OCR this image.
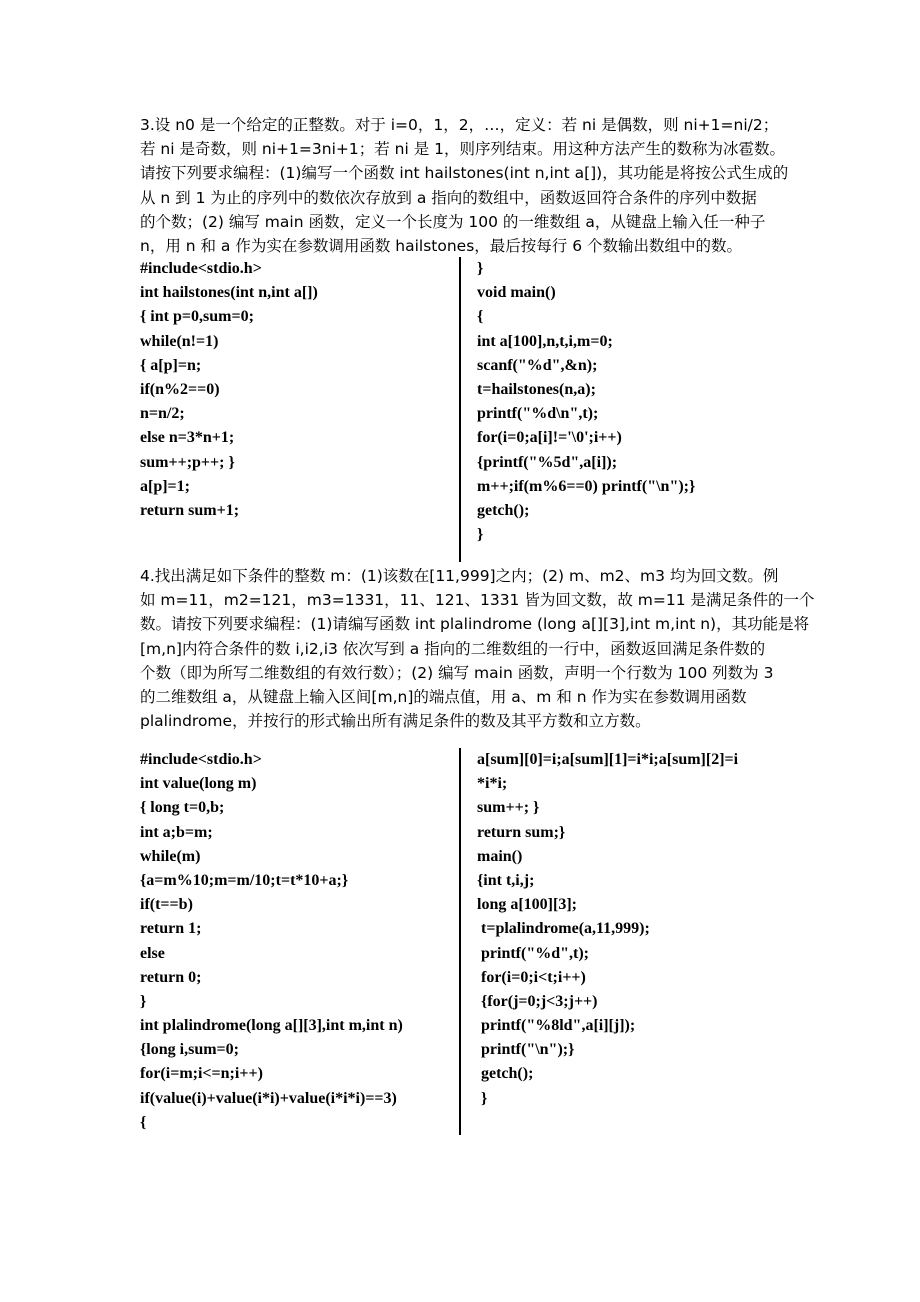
3.设 n0 是一个给定的正整数。对于 i=0，1，2，…，定义：若 ni 是偶数，则 ni+1=ni/2；
若 ni 是奇数，则 ni+1=3ni+1；若 ni 是 1，则序列结束。用这种方法产生的数称为冰雹数。
请按下列要求编程：(1)编写一个函数 int hailstones(int n,int a[])，其功能是将按公式生成的
从 n 到 1 为止的序列中的数依次存放到 a 指向的数组中，函数返回符合条件的序列中数据
的个数；(2) 编写 main 函数，定义一个长度为 100 的一维数组 a，从键盘上输入任一种子
n，用 n 和 a 作为实在参数调用函数 hailstones，最后按每行 6 个数输出数组中的数。
#include<stdio.h>
int hailstones(int n,int a[])
{ int p=0,sum=0;
while(n!=1)
{ a[p]=n;
if(n%2==0)
n=n/2;
else n=3*n+1;
sum++;p++; }
a[p]=1;
return sum+1;
}
void main()
{
int a[100],n,t,i,m=0;
scanf("%d",&n);
t=hailstones(n,a);
printf("%d\n",t);
for(i=0;a[i]!='\0';i++)
{printf("%5d",a[i]);
m++;if(m%6==0) printf("\n");}
getch();
}
4.找出满足如下条件的整数 m：(1)该数在[11,999]之内；(2) m、m2、m3 均为回文数。例
如 m=11，m2=121，m3=1331，11、121、1331 皆为回文数，故 m=11 是满足条件的一个
数。请按下列要求编程：(1)请编写函数 int plalindrome (long a[][3],int m,int n)，其功能是将
[m,n]内符合条件的数 i,i2,i3 依次写到 a 指向的二维数组的一行中，函数返回满足条件数的
个数（即为所写二维数组的有效行数）；(2) 编写 main 函数，声明一个行数为 100 列数为 3
的二维数组 a，从键盘上输入区间[m,n]的端点值，用 a、m 和 n 作为实在参数调用函数
plalindrome，并按行的形式输出所有满足条件的数及其平方数和立方数。
#include<stdio.h>
int value(long m)
{ long t=0,b;
int a;b=m;
while(m)
{a=m%10;m=m/10;t=t*10+a;}
if(t==b)
return 1;
else
return 0;
}
int plalindrome(long a[][3],int m,int n)
{long i,sum=0;
for(i=m;i<=n;i++)
if(value(i)+value(i*i)+value(i*i*i)==3)
{
a[sum][0]=i;a[sum][1]=i*i;a[sum][2]=i
*i*i;
sum++; }
return sum;}
main()
{int t,i,j;
long a[100][3];
t=plalindrome(a,11,999);
printf("%d",t);
for(i=0;i<t;i++)
{for(j=0;j<3;j++)
printf("%8ld",a[i][j]);
printf("\n");}
getch();
}
